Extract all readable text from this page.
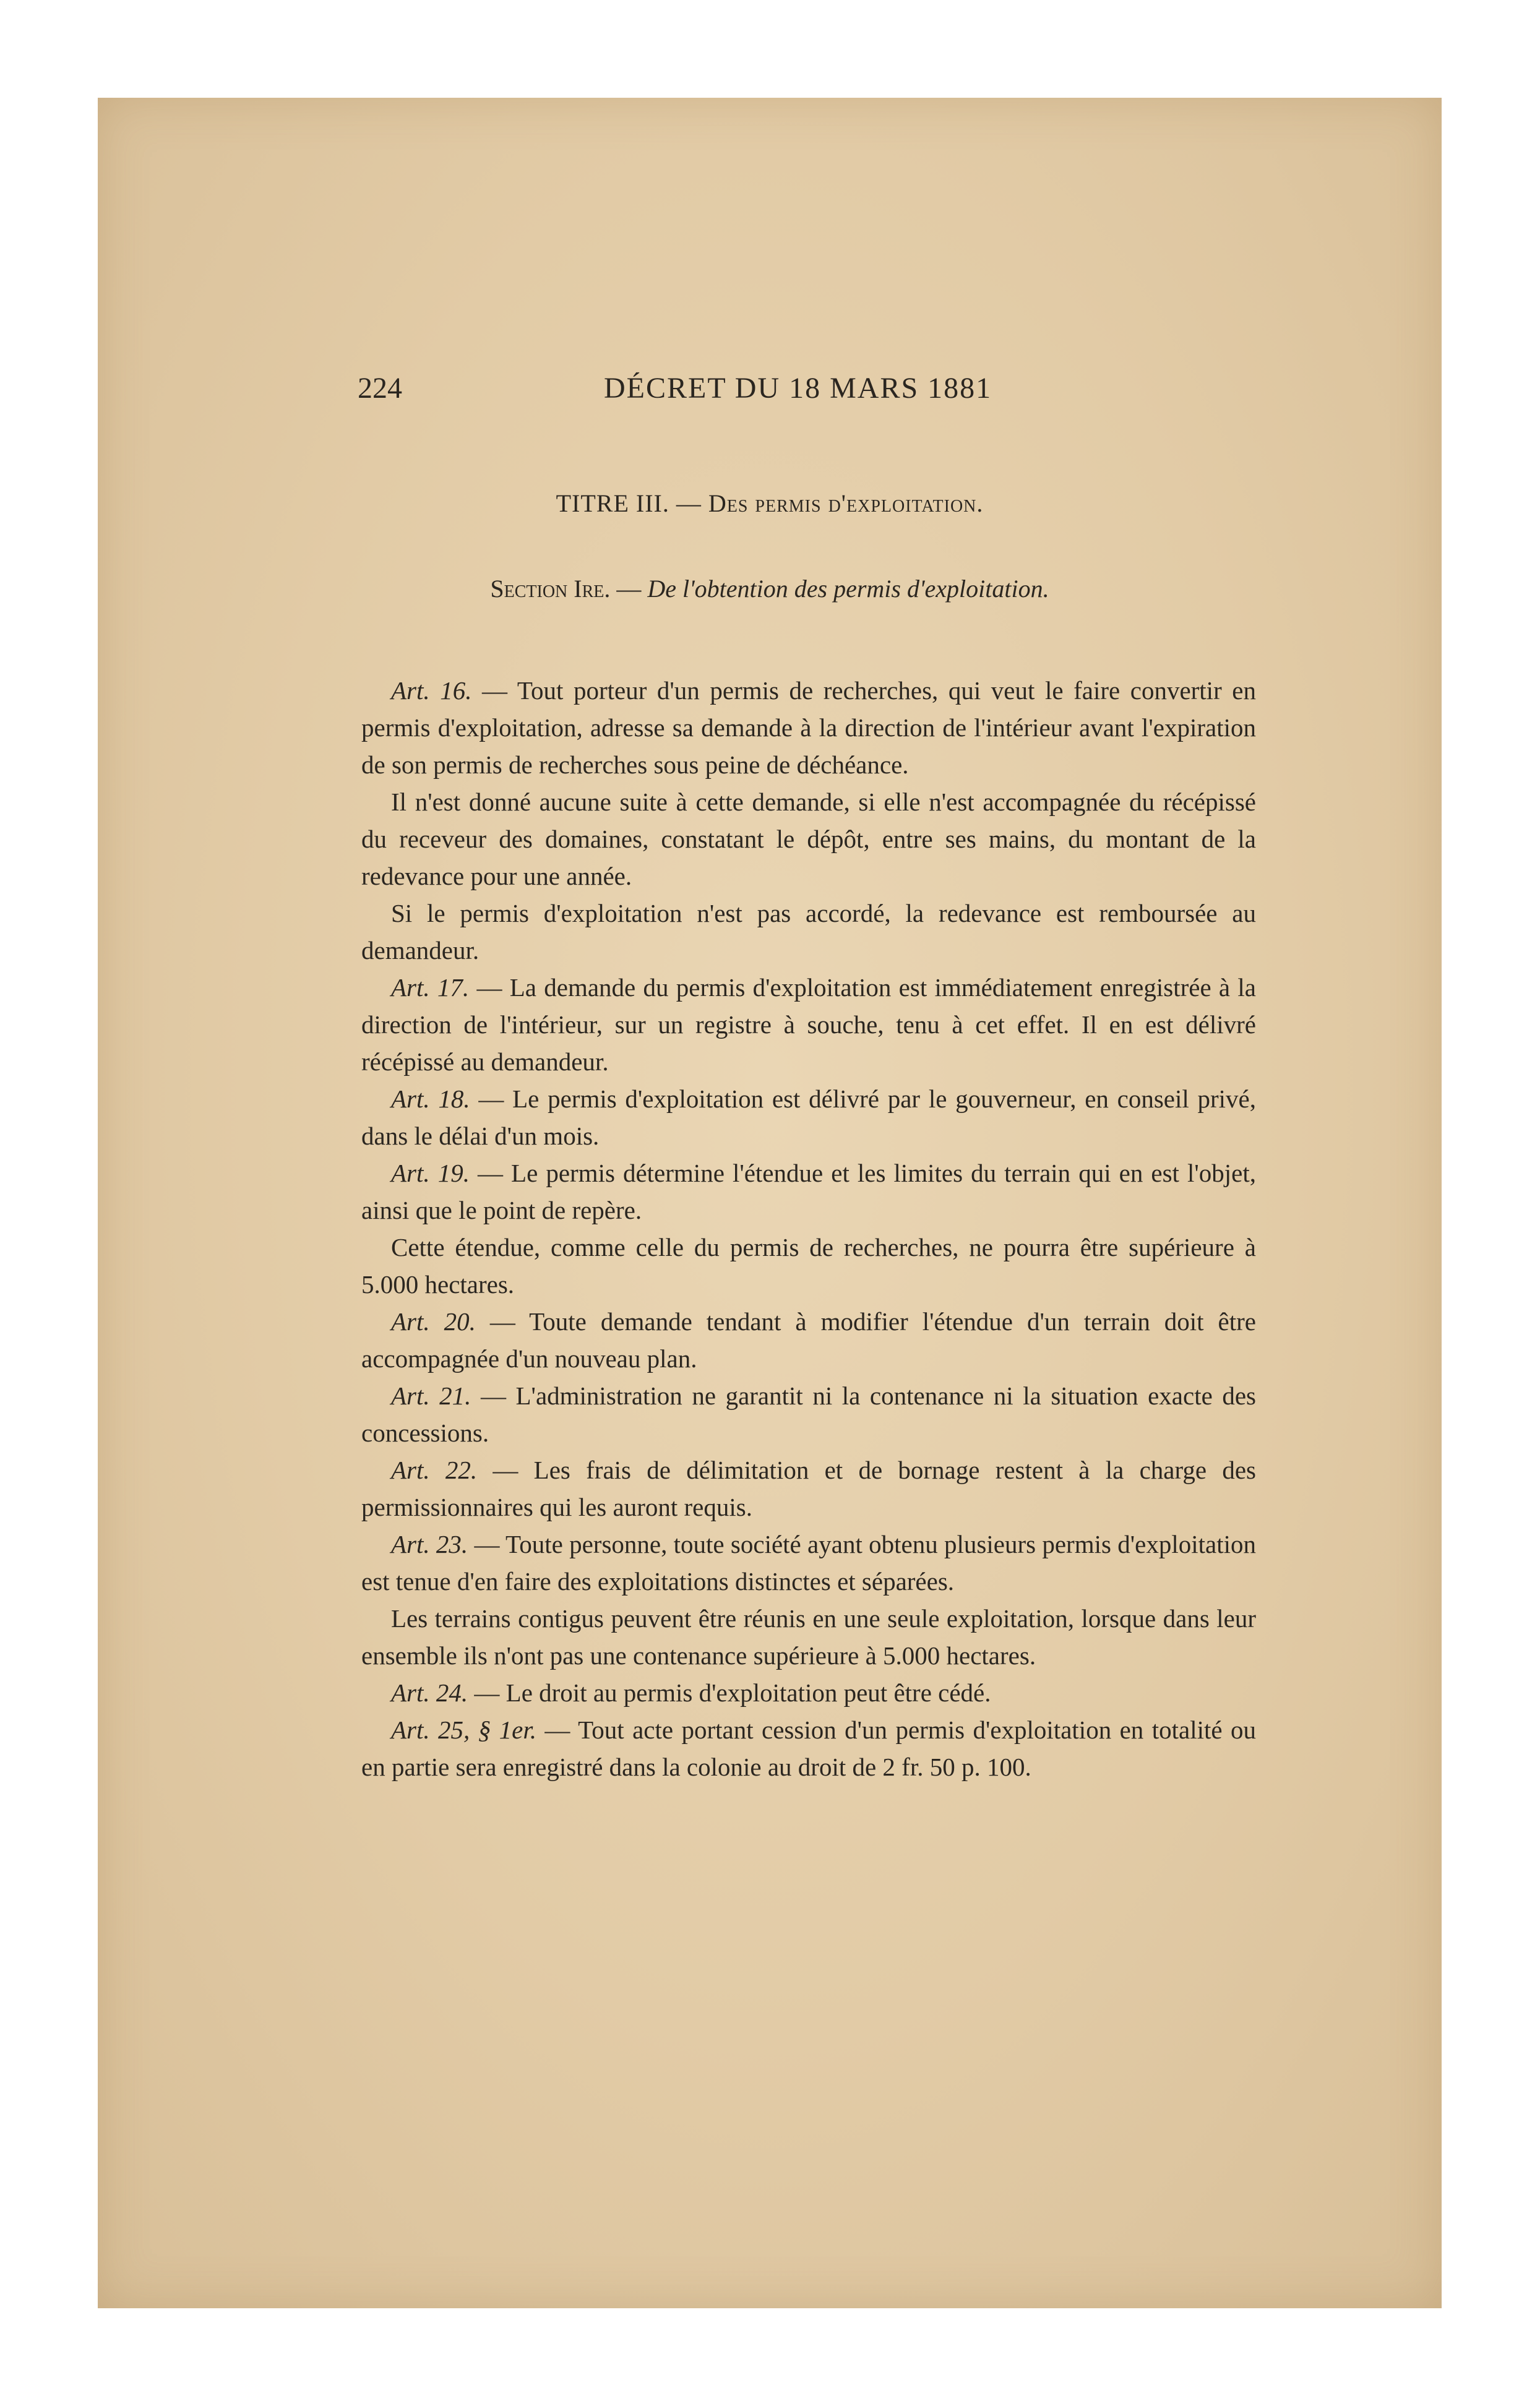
224	DÉCRET DU 18 MARS 1881
TITRE III. — Des permis d'exploitation.
Section Ire. — De l'obtention des permis d'exploitation.

Art. 16. — Tout porteur d'un permis de recherches, qui veut le faire convertir en permis d'exploitation, adresse sa demande à la direction de l'intérieur avant l'expiration de son permis de recherches sous peine de déchéance.

Il n'est donné aucune suite à cette demande, si elle n'est accompagnée du récépissé du receveur des domaines, constatant le dépôt, entre ses mains, du montant de la redevance pour une année.

Si le permis d'exploitation n'est pas accordé, la redevance est remboursée au demandeur.

Art. 17. — La demande du permis d'exploitation est immédiatement enregistrée à la direction de l'intérieur, sur un registre à souche, tenu à cet effet. Il en est délivré récépissé au demandeur.

Art. 18. — Le permis d'exploitation est délivré par le gouverneur, en conseil privé, dans le délai d'un mois.

Art. 19. — Le permis détermine l'étendue et les limites du terrain qui en est l'objet, ainsi que le point de repère.

Cette étendue, comme celle du permis de recherches, ne pourra être supérieure à 5.000 hectares.

Art. 20. — Toute demande tendant à modifier l'étendue d'un terrain doit être accompagnée d'un nouveau plan.

Art. 21. — L'administration ne garantit ni la contenance ni la situation exacte des concessions.

Art. 22. — Les frais de délimitation et de bornage restent à la charge des permissionnaires qui les auront requis.

Art. 23. — Toute personne, toute société ayant obtenu plusieurs permis d'exploitation est tenue d'en faire des exploitations distinctes et séparées.

Les terrains contigus peuvent être réunis en une seule exploitation, lorsque dans leur ensemble ils n'ont pas une contenance supérieure à 5.000 hectares.

Art. 24. — Le droit au permis d'exploitation peut être cédé.

Art. 25, § 1er. — Tout acte portant cession d'un permis d'exploitation en totalité ou en partie sera enregistré dans la colonie au droit de 2 fr. 50 p. 100.
